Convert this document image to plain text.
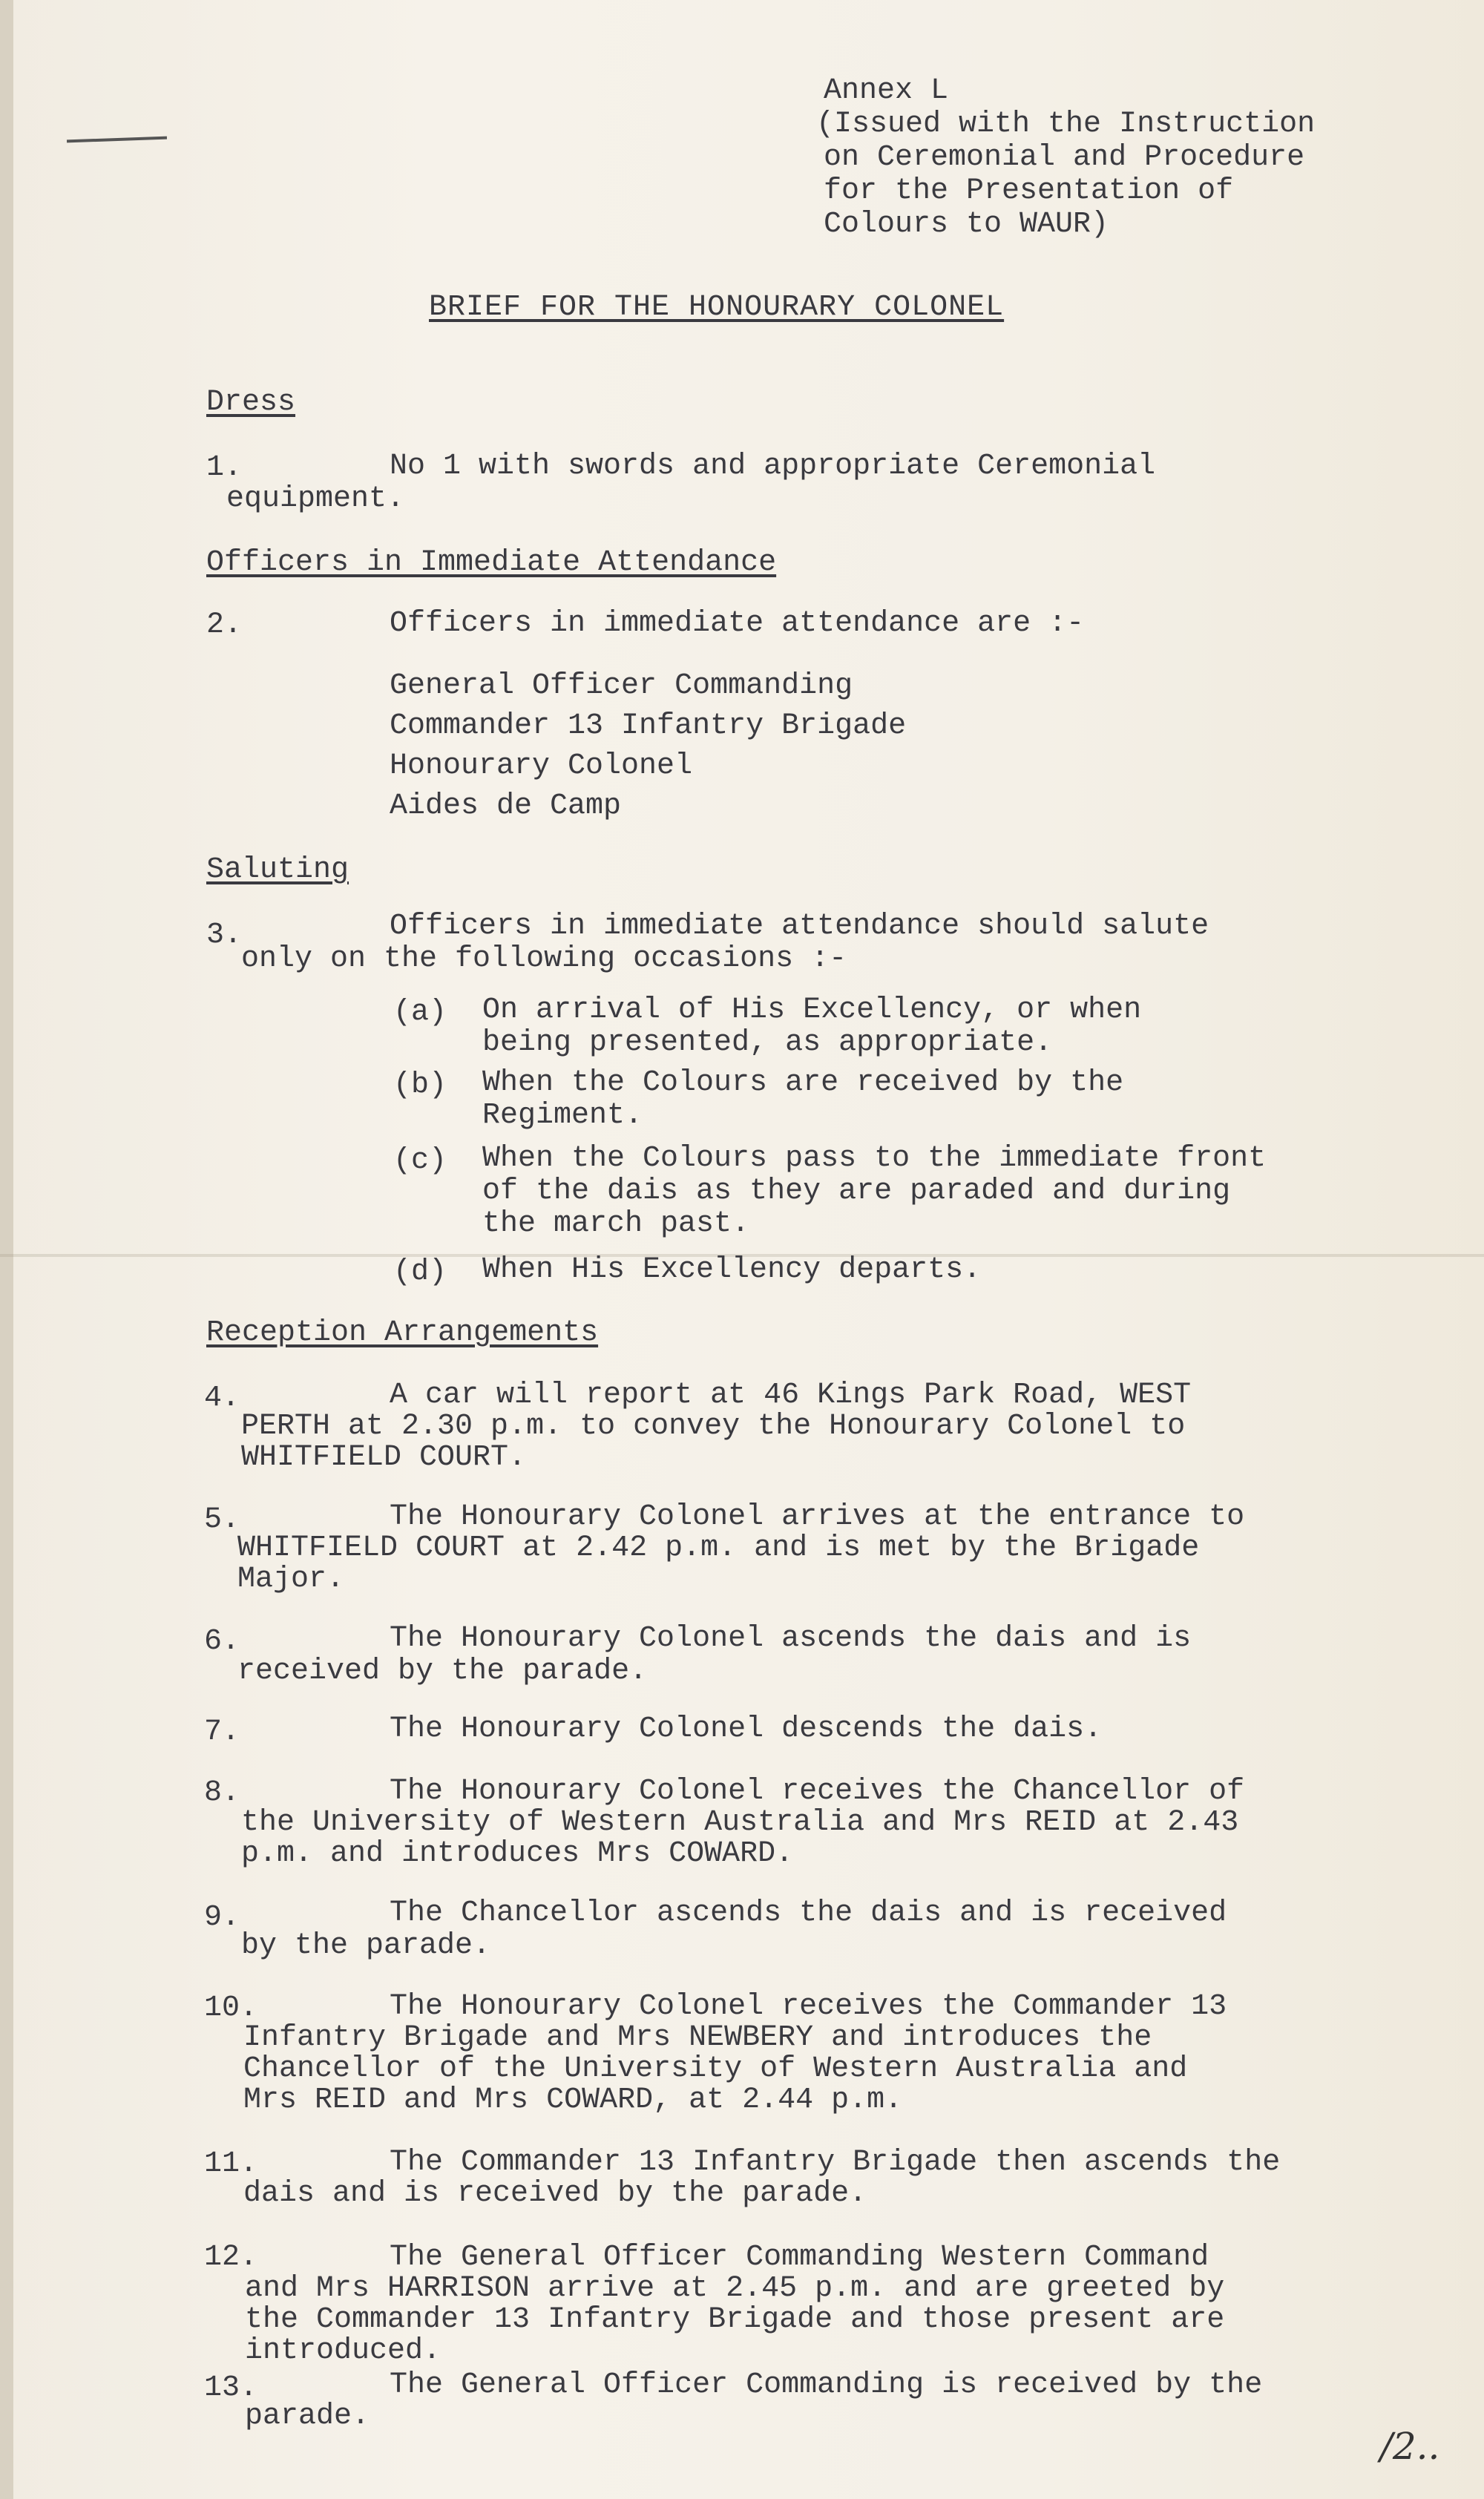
Annex L
(Issued with the Instruction
on Ceremonial and Procedure
for the Presentation of
Colours to WAUR)
BRIEF FOR THE HONOURARY COLONEL
Dress
1.	No 1 with swords and appropriate Ceremonial
equipment.
Officers in Immediate Attendance
2.	Officers in immediate attendance are :-
General Officer Commanding
Commander 13 Infantry Brigade
Honourary Colonel
Aides de Camp
Saluting
3.	Officers in immediate attendance should salute
only on the following occasions :-
(a) On arrival of His Excellency, or when
being presented, as appropriate.
(b) When the Colours are received by the
Regiment.
(c) When the Colours pass to the immediate front
of the dais as they are paraded and during
the march past.
(d) When His Excellency departs.
Reception Arrangements
4.	A car will report at 46 Kings Park Road, WEST
PERTH at 2.30 p.m. to convey the Honourary Colonel to
WHITFIELD COURT.
5.	The Honourary Colonel arrives at the entrance to
WHITFIELD COURT at 2.42 p.m. and is met by the Brigade
Major.
6.	The Honourary Colonel ascends the dais and is
received by the parade.
7.	The Honourary Colonel descends the dais.
8.	The Honourary Colonel receives the Chancellor of
the University of Western Australia and Mrs REID at 2.43
p.m. and introduces Mrs COWARD.
9.	The Chancellor ascends the dais and is received
by the parade.
10.	The Honourary Colonel receives the Commander 13
Infantry Brigade and Mrs NEWBERY and introduces the
Chancellor of the University of Western Australia and
Mrs REID and Mrs COWARD, at 2.44 p.m.
11.	The Commander 13 Infantry Brigade then ascends the
dais and is received by the parade.
12.	The General Officer Commanding Western Command
and Mrs HARRISON arrive at 2.45 p.m. and are greeted by
the Commander 13 Infantry Brigade and those present are
introduced.
13.	The General Officer Commanding is received by the
parade.
/2..
